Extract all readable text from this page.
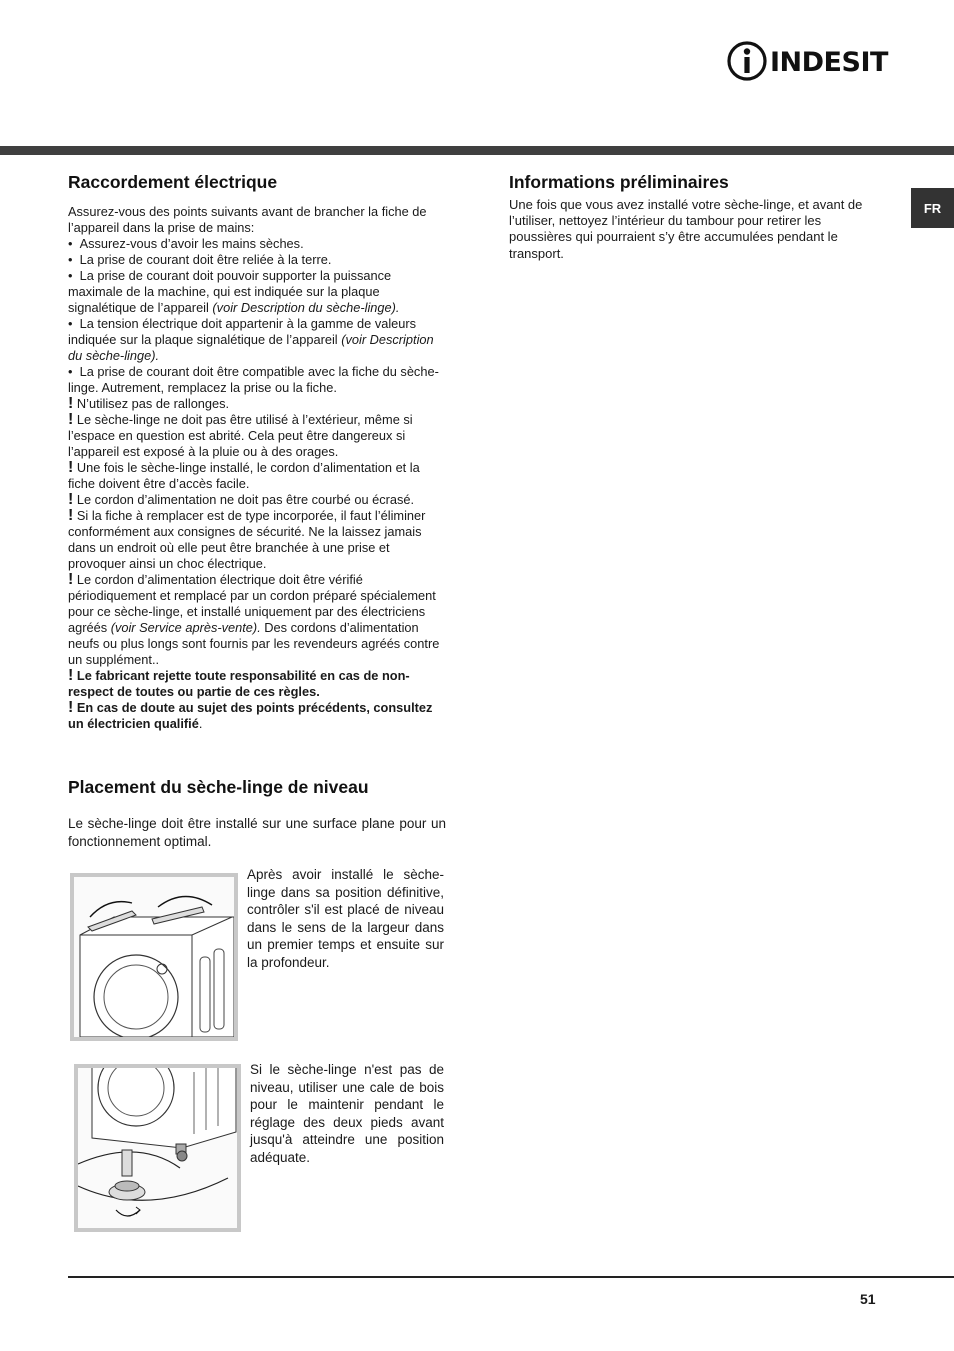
INDESIT
FR
Raccordement électrique

Assurez-vous des points suivants avant de brancher la fiche de l’appareil dans la prise de mains:

•  Assurez-vous d’avoir les mains sèches.

•  La prise de courant doit être reliée à la terre.

•  La prise de courant doit pouvoir supporter la puissance maximale de la machine, qui est indiquée sur la plaque signalétique de l’appareil (voir Description du sèche-linge).

•  La tension électrique doit appartenir à la gamme de valeurs indiquée sur la plaque signalétique de l’appareil (voir Description du sèche-linge).

•  La prise de courant doit être compatible avec la fiche du sèche-linge. Autrement, remplacez la prise ou la fiche.

! N’utilisez pas de rallonges.

! Le sèche-linge ne doit pas être utilisé à l’extérieur, même si l’espace en question est abrité. Cela peut être dangereux si l’appareil est exposé à la pluie ou à des orages.

! Une fois le sèche-linge installé, le cordon d’alimentation et la fiche doivent être d’accès facile.

! Le cordon d’alimentation ne doit pas être courbé ou écrasé.

! Si la fiche à remplacer est de type incorporée, il faut l’éliminer conformément aux consignes de sécurité. Ne la laissez jamais dans un endroit où elle peut être branchée à une prise et provoquer ainsi un choc électrique.

! Le cordon d’alimentation électrique doit être vérifié périodiquement et remplacé par un cordon préparé spécialement pour ce sèche-linge, et installé uniquement par des électriciens agréés (voir Service après-vente). Des cordons d’alimentation neufs ou plus longs sont fournis par les revendeurs agréés contre un supplément..

! Le fabricant rejette toute responsabilité en cas de non-respect de toutes ou partie de ces règles.

! En cas de doute au sujet des points précédents, consultez un électricien qualifié.

Placement du sèche-linge de niveau

Le sèche-linge doit être installé sur une surface plane pour un fonctionnement optimal.

Après avoir installé le sèche-linge dans sa position définitive, contrôler s'il est placé de niveau dans le sens de la largeur dans un premier temps et ensuite sur la profondeur.

Si le sèche-linge n'est pas de niveau, utiliser une cale de bois pour le maintenir pendant le réglage des deux pieds avant jusqu'à atteindre une position adéquate.

Informations préliminaires

Une fois que vous avez installé votre sèche-linge, et avant de l’utiliser, nettoyez l’intérieur du tambour pour retirer les poussières qui pourraient s’y être accumulées pendant le transport.

51
